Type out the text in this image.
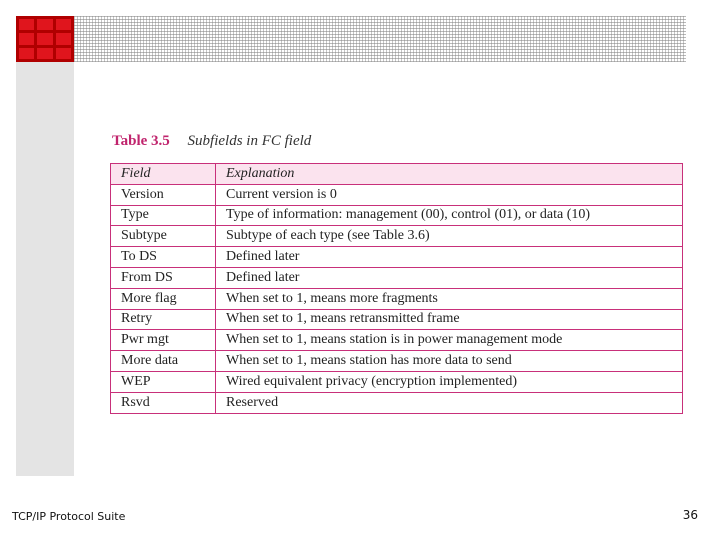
Table 3.5 Subfields in FC field
Field	Explanation
Version	Current version is 0
Type	Type of information: management (00), control (01), or data (10)
Subtype	Subtype of each type (see Table 3.6)
To DS	Defined later
From DS	Defined later
More flag	When set to 1, means more fragments
Retry	When set to 1, means retransmitted frame
Pwr mgt	When set to 1, means station is in power management mode
More data	When set to 1, means station has more data to send
WEP	Wired equivalent privacy (encryption implemented)
Rsvd	Reserved
TCP/IP Protocol Suite	36
